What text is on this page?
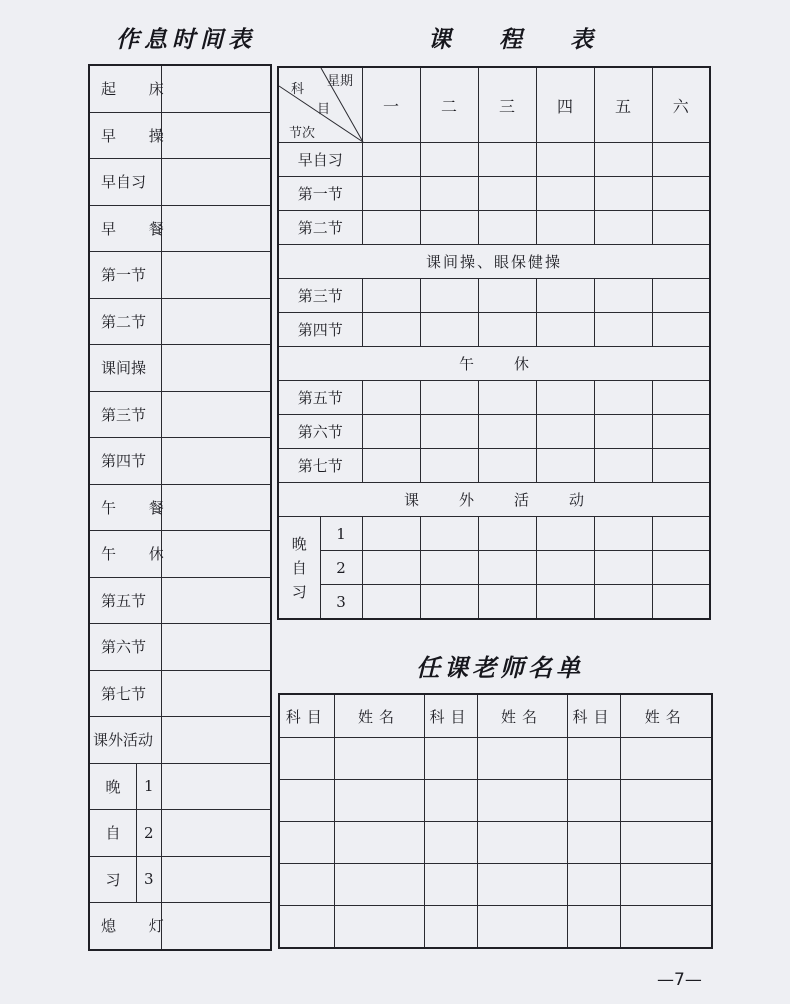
作息时间表	课 程 表
任课老师名单
起 床	
早 操	
早自习	
早 餐	
第一节	
第二节	
课间操	
第三节	
第四节	
午 餐	
午 休	
第五节	
第六节	
第七节	
课外活动	

晚 1	

自 2	

习 3	

熄 灯	
星期
科
目
节次		一	二	三	四	五	六
早自习							
第一节							
第二节							
课间操、眼保健操							
第三节							
第四节							
午休							
第五节							
第六节							
第七节							
课外活动							
晚自习	1						
	2						
	3						
科目	姓名	科目	姓名	科目	姓名

—7—
